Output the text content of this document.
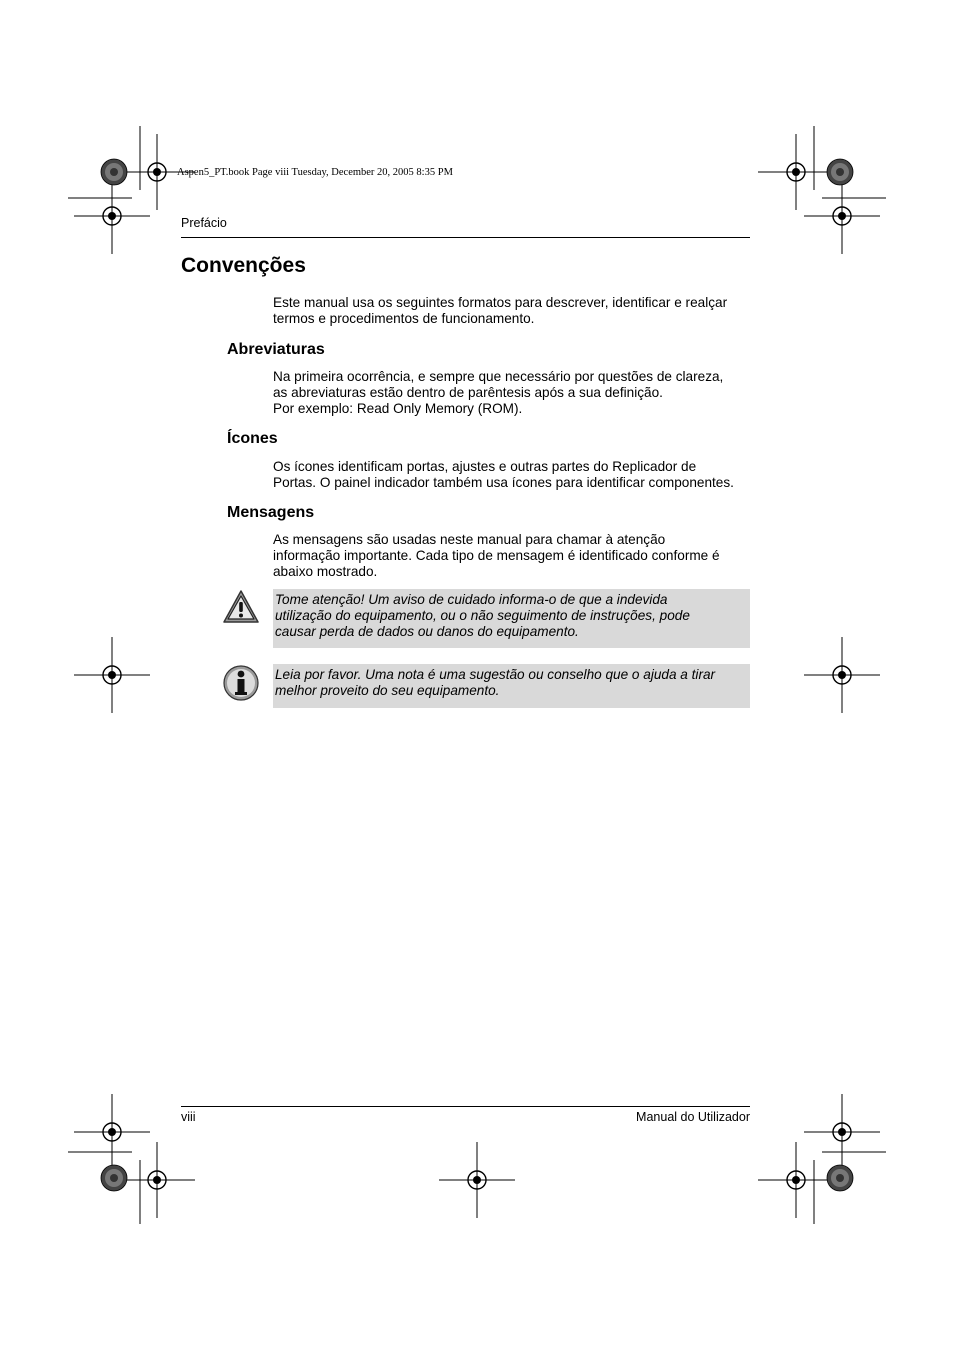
Aspen5_PT.book Page viii Tuesday, December 20, 2005 8:35 PM
Prefácio
Convenções

Este manual usa os seguintes formatos para descrever, identificar e realçar
termos e procedimentos de funcionamento.

Abreviaturas

Na primeira ocorrência, e sempre que necessário por questões de clareza,
as abreviaturas estão dentro de parêntesis após a sua definição.
Por exemplo: Read Only Memory (ROM).

Ícones

Os ícones identificam portas, ajustes e outras partes do Replicador de
Portas. O painel indicador também usa ícones para identificar componentes.

Mensagens

As mensagens são usadas neste manual para chamar à atenção
informação importante. Cada tipo de mensagem é identificado conforme é
abaixo mostrado.

Tome atenção! Um aviso de cuidado informa-o de que a indevida
utilização do equipamento, ou o não seguimento de instruções, pode
causar perda de dados ou danos do equipamento.
Leia por favor. Uma nota é uma sugestão ou conselho que o ajuda a tirar
melhor proveito do seu equipamento.
viii	Manual do Utilizador
